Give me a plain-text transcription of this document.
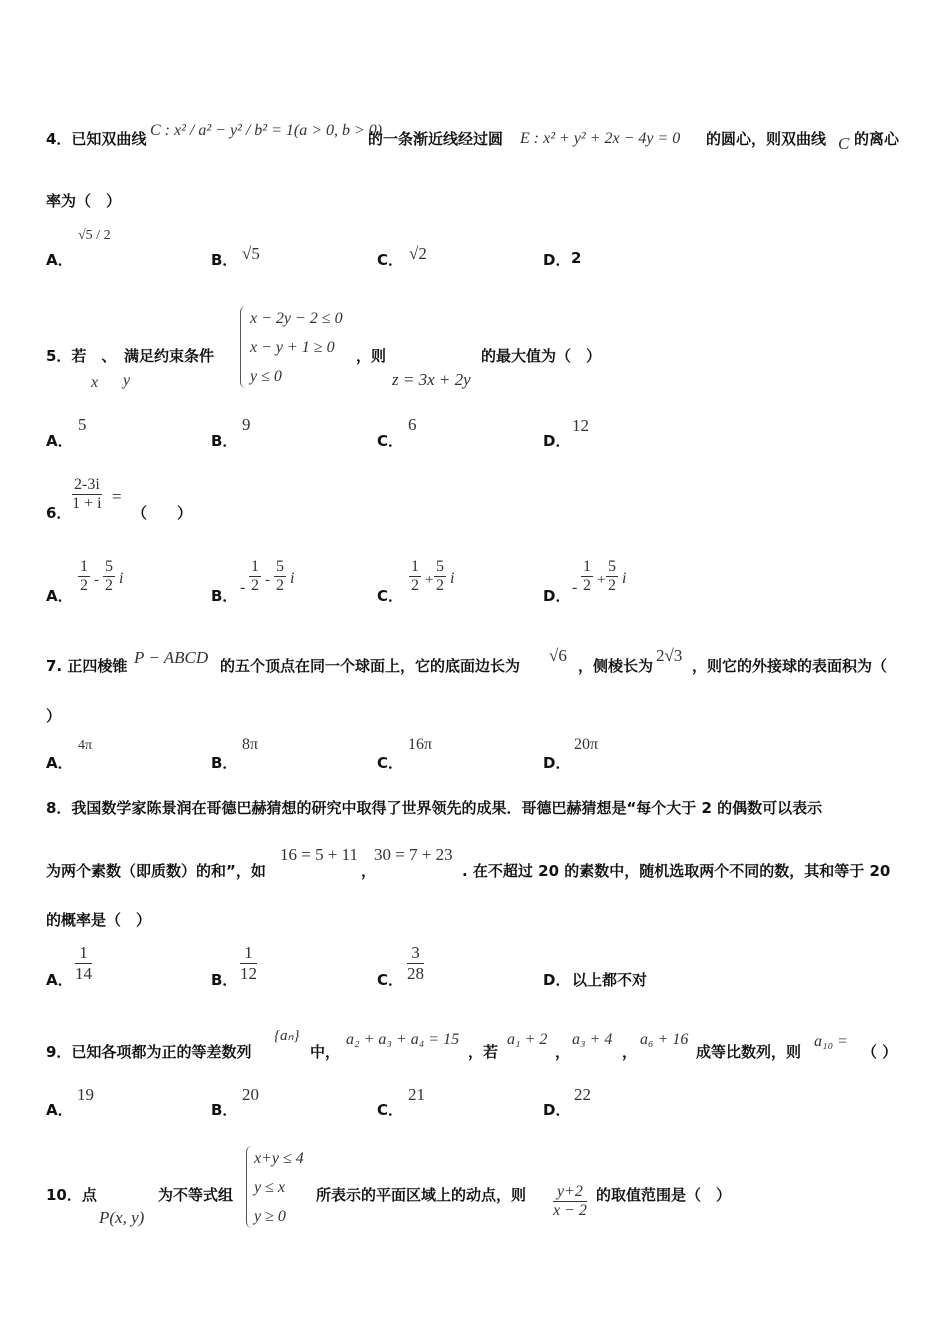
4．已知双曲线 C : x² / a² − y² / b² = 1(a > 0, b > 0)
的一条渐近线经过圆 E : x² + y² + 2x − 4y = 0 的圆心，则双曲线 C 的离心
率为（　）
A．
√5 / 2
B． √5	C． √2	D． 2
5．若　、　满足约束条件
x y
x − 2y − 2 ≤ 0
x − y + 1 ≥ 0
y ≤ 0
，则
z = 3x + 2y
的最大值为（　）
A．
5
B．
9
C．
6
D．
12
6． $\frac{2-3i}{1 + i}$ =
（　　）
A．
$\frac{1}{2} - \frac{5}{2}$ i
B． - $\frac{1}{2} - \frac{5}{2}$ i
C．
$\frac{1}{2} + \frac{5}{2}$ i
D． - $\frac{1}{2} + \frac{5}{2}$ i
7. 正四棱锥 P − ABCD 的五个顶点在同一个球面上，它的底面边长为
√6
，侧棱长为
2√3
，则它的外接球的表面积为（
）
A．
4π
B．
8π
C．
16π
D．
20π
8．我国数学家陈景润在哥德巴赫猜想的研究中取得了世界领先的成果．哥德巴赫猜想是“每个大于 2 的偶数可以表示
为两个素数（即质数）的和”，如
16 = 5 + 11
，
30 = 7 + 23
. 在不超过 20 的素数中，随机选取两个不同的数，其和等于 20
的概率是（　）
A． $\frac{1}{14}$	B． $\frac{1}{12}$	C． $\frac{3}{28}$	D． 以上都不对
9．已知各项都为正的等差数列
{aₙ}
中，
a₂ + a₃ + a₄ = 15
，若
a₁ + 2
，
a₃ + 4
，
a₆ + 16
成等比数列，则
a₁₀ =
（ ）
A．
19
B．
20
C．
21
D．
22
10．点
P(x, y)
为不等式组
x+y ≤ 4
y ≤ x
y ≥ 0
所表示的平面区域上的动点，则 $\frac{y+2}{x - 2}$ 的取值范围是（　）
